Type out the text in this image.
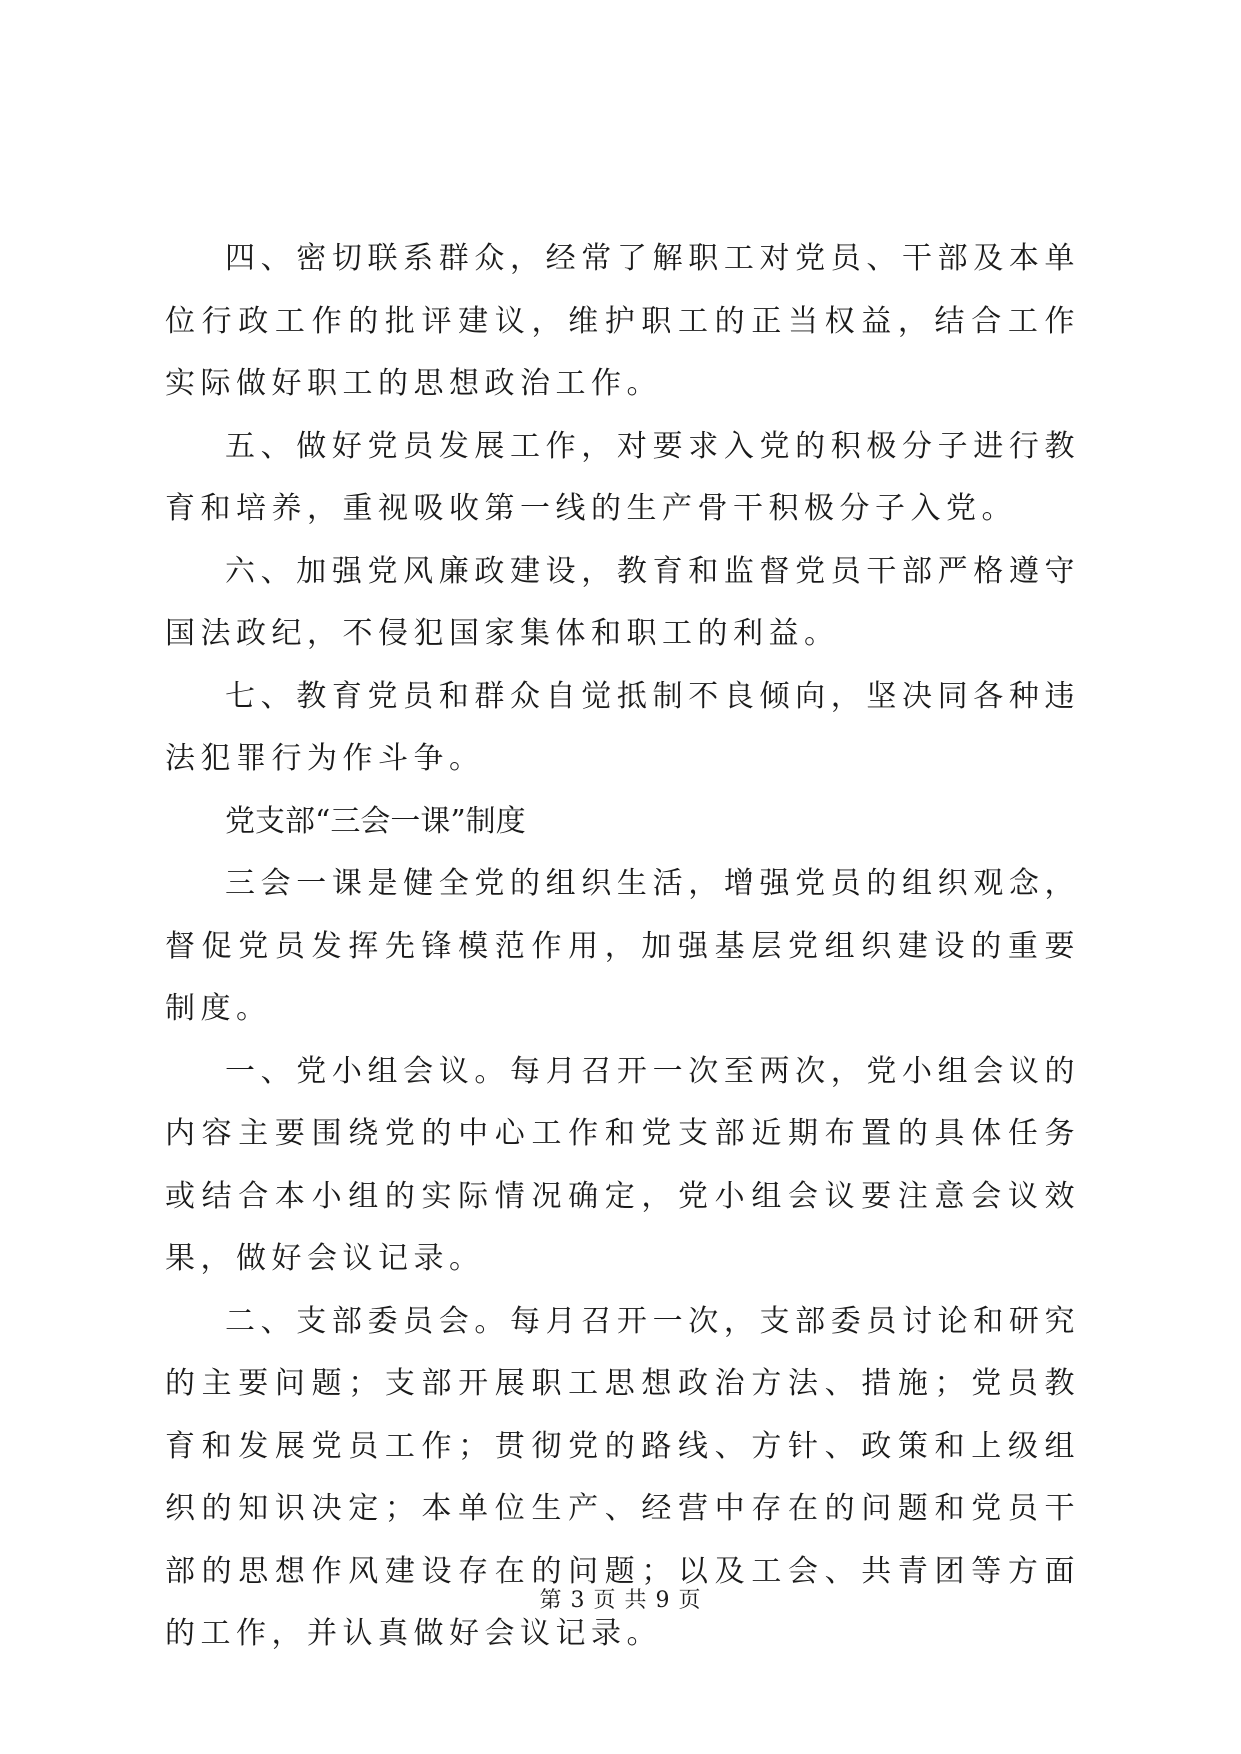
四、密切联系群众，经常了解职工对党员、干部及本单位行政工作的批评建议，维护职工的正当权益，结合工作实际做好职工的思想政治工作。

五、做好党员发展工作，对要求入党的积极分子进行教育和培养，重视吸收第一线的生产骨干积极分子入党。

六、加强党风廉政建设，教育和监督党员干部严格遵守国法政纪，不侵犯国家集体和职工的利益。

七、教育党员和群众自觉抵制不良倾向，坚决同各种违法犯罪行为作斗争。

党支部“三会一课”制度

三会一课是健全党的组织生活，增强党员的组织观念，督促党员发挥先锋模范作用，加强基层党组织建设的重要制度。

一、党小组会议。每月召开一次至两次，党小组会议的内容主要围绕党的中心工作和党支部近期布置的具体任务或结合本小组的实际情况确定，党小组会议要注意会议效果，做好会议记录。

二、支部委员会。每月召开一次，支部委员讨论和研究的主要问题；支部开展职工思想政治方法、措施；党员教育和发展党员工作；贯彻党的路线、方针、政策和上级组织的知识决定；本单位生产、经营中存在的问题和党员干部的思想作风建设存在的问题；以及工会、共青团等方面的工作，并认真做好会议记录。

第 3 页 共 9 页
